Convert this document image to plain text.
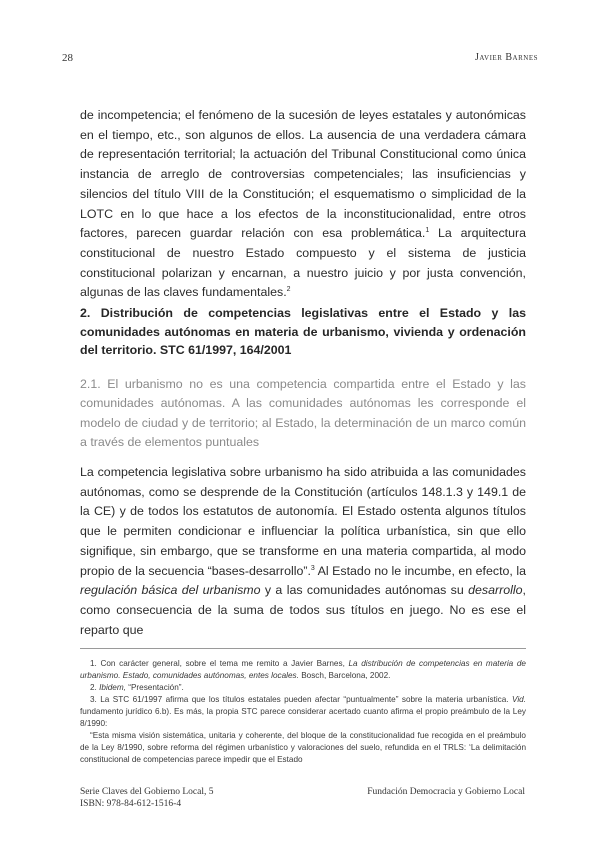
28	Javier Barnes

de incompetencia; el fenómeno de la sucesión de leyes estatales y autonómicas en el tiempo, etc., son algunos de ellos. La ausencia de una verdadera cámara de representación territorial; la actuación del Tribunal Constitucional como única instancia de arreglo de controversias competenciales; las insuficiencias y silencios del título VIII de la Constitución; el esquematismo o simplicidad de la LOTC en lo que hace a los efectos de la inconstitucionalidad, entre otros factores, parecen guardar relación con esa problemática.$^1$ La arquitectura constitucional de nuestro Estado compuesto y el sistema de justicia constitucional polarizan y encarnan, a nuestro juicio y por justa convención, algunas de las claves fundamentales.$^2$

2. Distribución de competencias legislativas entre el Estado y las comunidades autónomas en materia de urbanismo, vivienda y ordenación del territorio. STC 61/1997, 164/2001
2.1. El urbanismo no es una competencia compartida entre el Estado y las comunidades autónomas. A las comunidades autónomas les corresponde el modelo de ciudad y de territorio; al Estado, la determinación de un marco común a través de elementos puntuales

La competencia legislativa sobre urbanismo ha sido atribuida a las comunidades autónomas, como se desprende de la Constitución (artículos 148.1.3 y 149.1 de la CE) y de todos los estatutos de autonomía. El Estado ostenta algunos títulos que le permiten condicionar e influenciar la política urbanística, sin que ello signifique, sin embargo, que se transforme en una materia compartida, al modo propio de la secuencia “bases-desarrollo”.$^3$ Al Estado no le incumbe, en efecto, la regulación básica del urbanismo y a las comunidades autónomas su desarrollo, como consecuencia de la suma de todos sus títulos en juego. No es ese el reparto que

1. Con carácter general, sobre el tema me remito a Javier Barnes, La distribución de competencias en materia de urbanismo. Estado, comunidades autónomas, entes locales. Bosch, Barcelona, 2002.

2. Ibidem, “Presentación”.

3. La STC 61/1997 afirma que los títulos estatales pueden afectar “puntualmente” sobre la materia urbanística. Vid. fundamento jurídico 6.b). Es más, la propia STC parece considerar acertado cuanto afirma el propio preámbulo de la Ley 8/1990:

“Esta misma visión sistemática, unitaria y coherente, del bloque de la constitucionalidad fue recogida en el preámbulo de la Ley 8/1990, sobre reforma del régimen urbanístico y valoraciones del suelo, refundida en el TRLS: ‘La delimitación constitucional de competencias parece impedir que el Estado

Serie Claves del Gobierno Local, 5
ISBN: 978-84-612-1516-4
Fundación Democracia y Gobierno Local
